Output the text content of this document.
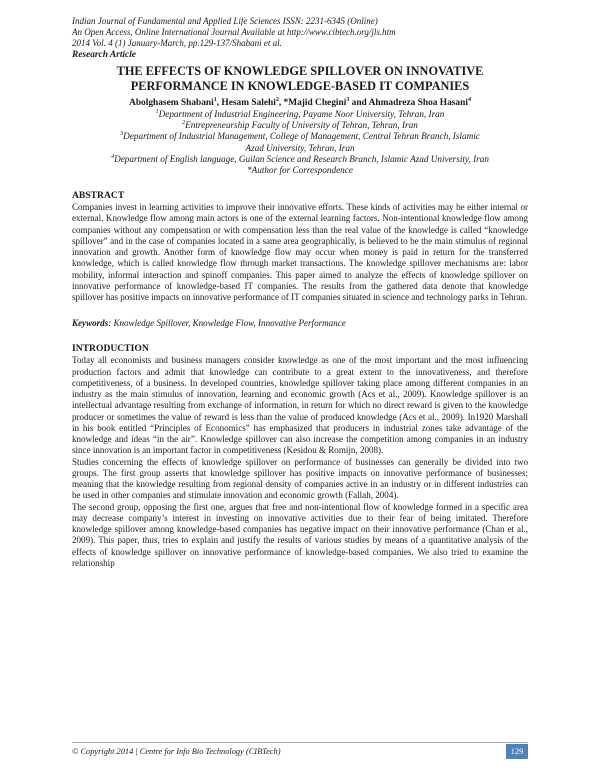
Indian Journal of Fundamental and Applied Life Sciences ISSN: 2231-6345 (Online)
An Open Access, Online International Journal Available at http://www.cibtech.org/jls.htm
2014 Vol. 4 (1) January-March, pp.129-137/Shabani et al.
Research Article
THE EFFECTS OF KNOWLEDGE SPILLOVER ON INNOVATIVE
PERFORMANCE IN KNOWLEDGE-BASED IT COMPANIES
Abolghasem Shabani$^1$, Hesam Salehi$^2$, *Majid Chegini$^3$ and Ahmadreza Shoa Hasani$^4$
$^1$Department of Industrial Engineering, Payame Noor University, Tehran, Iran
$^2$Entrepreneurship Faculty of University of Tehran, Tehran, Iran
$^3$Department of Industrial Management, College of Management, Central Tehran Branch, Islamic
Azad University, Tehran, Iran
$^4$Department of English language, Guilan Science and Research Branch, Islamic Azad University, Iran
*Author for Correspondence
ABSTRACT

Companies invest in learning activities to improve their innovative efforts. These kinds of activities may be either internal or external. Knowledge flow among main actors is one of the external learning factors. Non-intentional knowledge flow among companies without any compensation or with compensation less than the real value of the knowledge is called “knowledge spillover” and in the case of companies located in a same area geographically, is believed to be the main stimulus of regional innovation and growth. Another form of knowledge flow may occur when money is paid in return for the transferred knowledge, which is called knowledge flow through market transactions. The knowledge spillover mechanisms are: labor mobility, informal interaction and spinoff companies. This paper aimed to analyze the effects of knowledge spillover on innovative performance of knowledge-based IT companies. The results from the gathered data denote that knowledge spillover has positive impacts on innovative performance of IT companies situated in science and technology parks in Tehran.

Keywords: Knowledge Spillover, Knowledge Flow, Innovative Performance
INTRODUCTION

Today all economists and business managers consider knowledge as one of the most important and the most influencing production factors and admit that knowledge can contribute to a great extent to the innovativeness, and therefore competitiveness, of a business. In developed countries, knowledge spillover taking place among different companies in an industry as the main stimulus of innovation, learning and economic growth (Acs et al., 2009). Knowledge spillover is an intellectual advantage resulting from exchange of information, in return for which no direct reward is given to the knowledge producer or sometimes the value of reward is less than the value of produced knowledge (Acs et al., 2009). In1920 Marshall in his book entitled “Principles of Economics” has emphasized that producers in industrial zones take advantage of the knowledge and ideas “in the air”. Knowledge spillover can also increase the competition among companies in an industry since innovation is an important factor in competitiveness (Kesidou & Romijn, 2008).

Studies concerning the effects of knowledge spillover on performance of businesses can generally be divided into two groups. The first group asserts that knowledge spillover has positive impacts on innovative performance of businesses; meaning that the knowledge resulting from regional density of companies active in an industry or in different industries can be used in other companies and stimulate innovation and economic growth (Fallah, 2004).

The second group, opposing the first one, argues that free and non-intentional flow of knowledge formed in a specific area may decrease company’s interest in investing on innovative activities due to their fear of being imitated. Therefore knowledge spillover among knowledge-based companies has negative impact on their innovative performance (Chan et al., 2009). This paper, thus, tries to explain and justify the results of various studies by means of a quantitative analysis of the effects of knowledge spillover on innovative performance of knowledge-based companies. We also tried to examine the relationship

© Copyright 2014 | Centre for Info Bio Technology (CIBTech)	129
